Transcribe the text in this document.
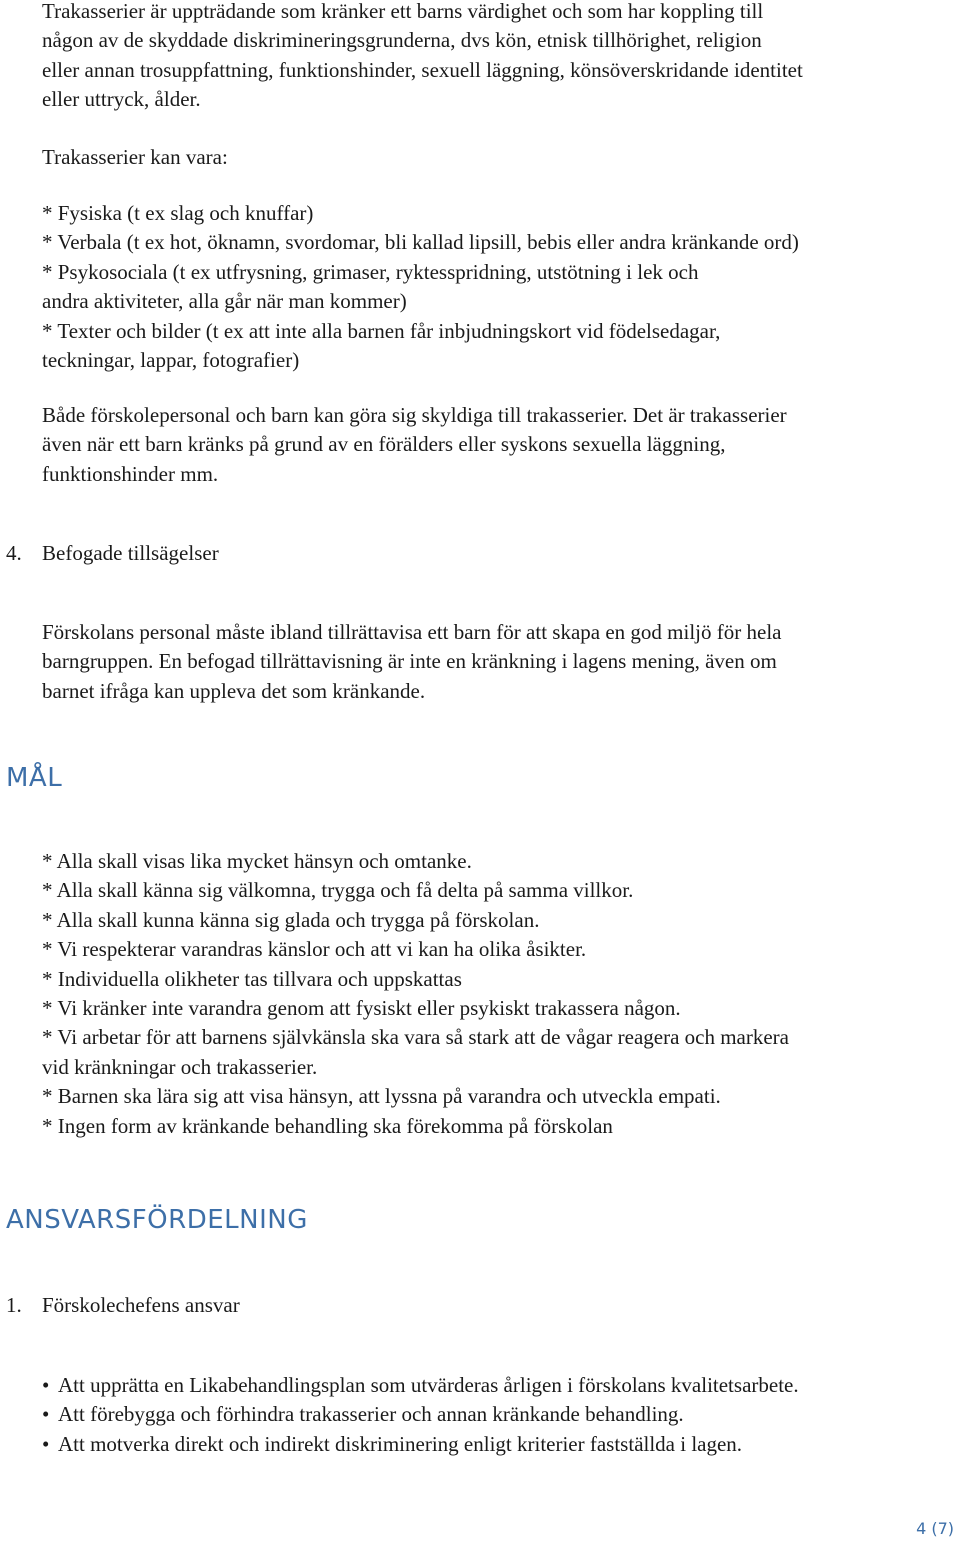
Trakasserier är uppträdande som kränker ett barns värdighet och som har koppling till

någon av de skyddade diskrimineringsgrunderna, dvs kön, etnisk tillhörighet, religion

eller annan trosuppfattning, funktionshinder, sexuell läggning, könsöverskridande identitet

eller uttryck, ålder.

Trakasserier kan vara:

* Fysiska (t ex slag och knuffar)

* Verbala (t ex hot, öknamn, svordomar, bli kallad lipsill, bebis eller andra kränkande ord)

* Psykosociala (t ex utfrysning, grimaser, ryktesspridning, utstötning i lek och

andra aktiviteter, alla går när man kommer)

* Texter och bilder (t ex att inte alla barnen får inbjudningskort vid födelsedagar,

teckningar, lappar, fotografier)

Både förskolepersonal och barn kan göra sig skyldiga till trakasserier. Det är trakasserier

även när ett barn kränks på grund av en förälders eller syskons sexuella läggning,

funktionshinder mm.

4. Befogade tillsägelser

Förskolans personal måste ibland tillrättavisa ett barn för att skapa en god miljö för hela

barngruppen. En befogad tillrättavisning är inte en kränkning i lagens mening, även om

barnet ifråga kan uppleva det som kränkande.

MÅL

* Alla skall visas lika mycket hänsyn och omtanke.

* Alla skall känna sig välkomna, trygga och få delta på samma villkor.

* Alla skall kunna känna sig glada och trygga på förskolan.

* Vi respekterar varandras känslor och att vi kan ha olika åsikter.

* Individuella olikheter tas tillvara och uppskattas

* Vi kränker inte varandra genom att fysiskt eller psykiskt trakassera någon.

* Vi arbetar för att barnens självkänsla ska vara så stark att de vågar reagera och markera

vid kränkningar och trakasserier.

* Barnen ska lära sig att visa hänsyn, att lyssna på varandra och utveckla empati.

* Ingen form av kränkande behandling ska förekomma på förskolan

ANSVARSFÖRDELNING
1. Förskolechefens ansvar
• Att upprätta en Likabehandlingsplan som utvärderas årligen i förskolans kvalitetsarbete.
• Att förebygga och förhindra trakasserier och annan kränkande behandling.
• Att motverka direkt och indirekt diskriminering enligt kriterier fastställda i lagen.
4 (7)
